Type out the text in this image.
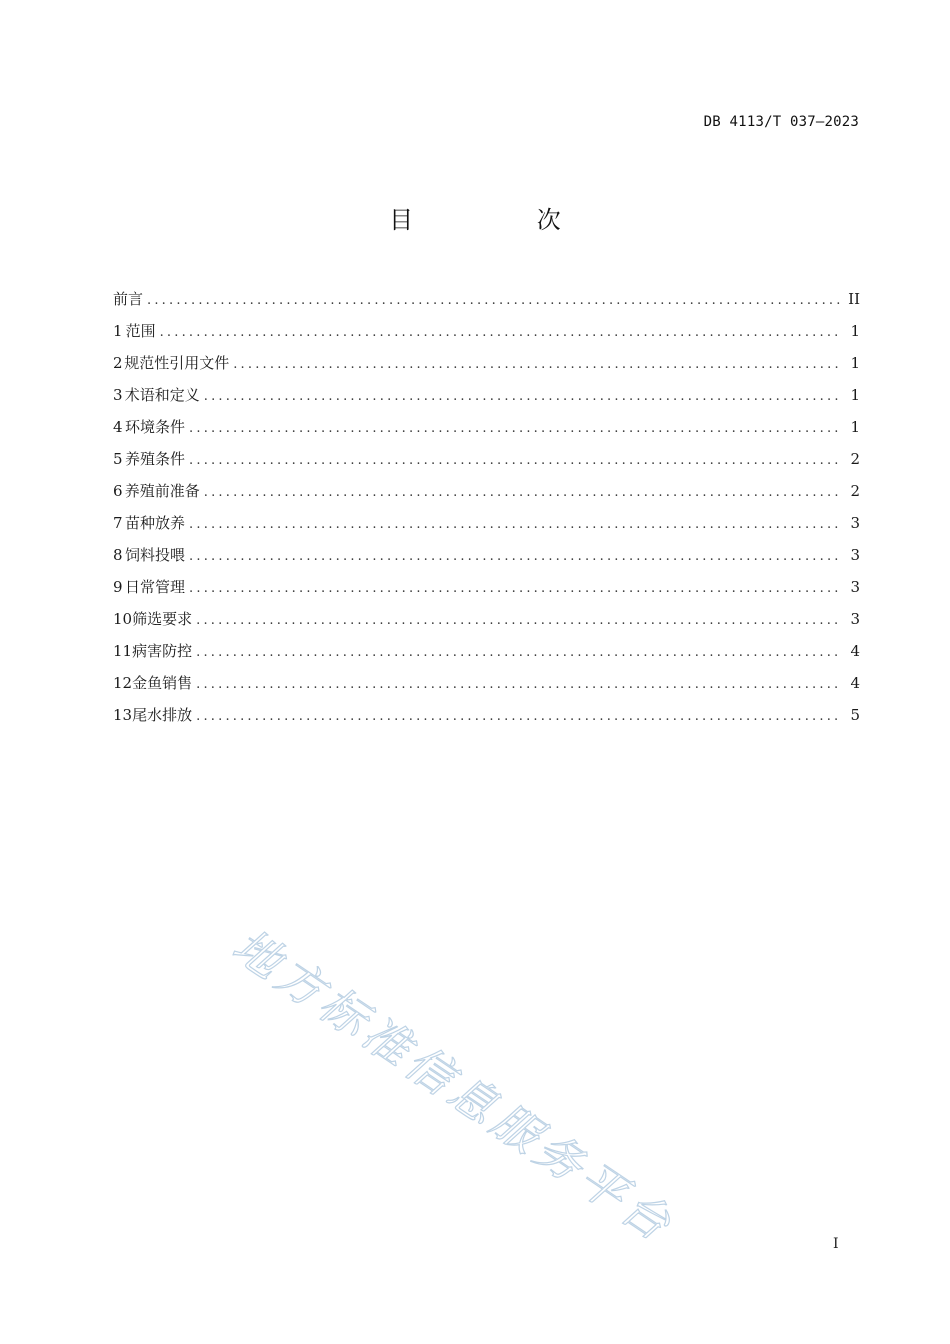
DB 4113/T 037—2023
目 次
前言 .....	II
1 范围 .....	1
2 规范性引用文件 .....	1
3 术语和定义 .....	1
4 环境条件 .....	1
5 养殖条件 .....	2
6 养殖前准备 .....	2
7 苗种放养 .....	3
8 饲料投喂 .....	3
9 日常管理 .....	3
10 筛选要求 .....	3
11 病害防控 .....	4
12 金鱼销售 .....	4
13 尾水排放 .....	5
地方标准信息服务平台	I
